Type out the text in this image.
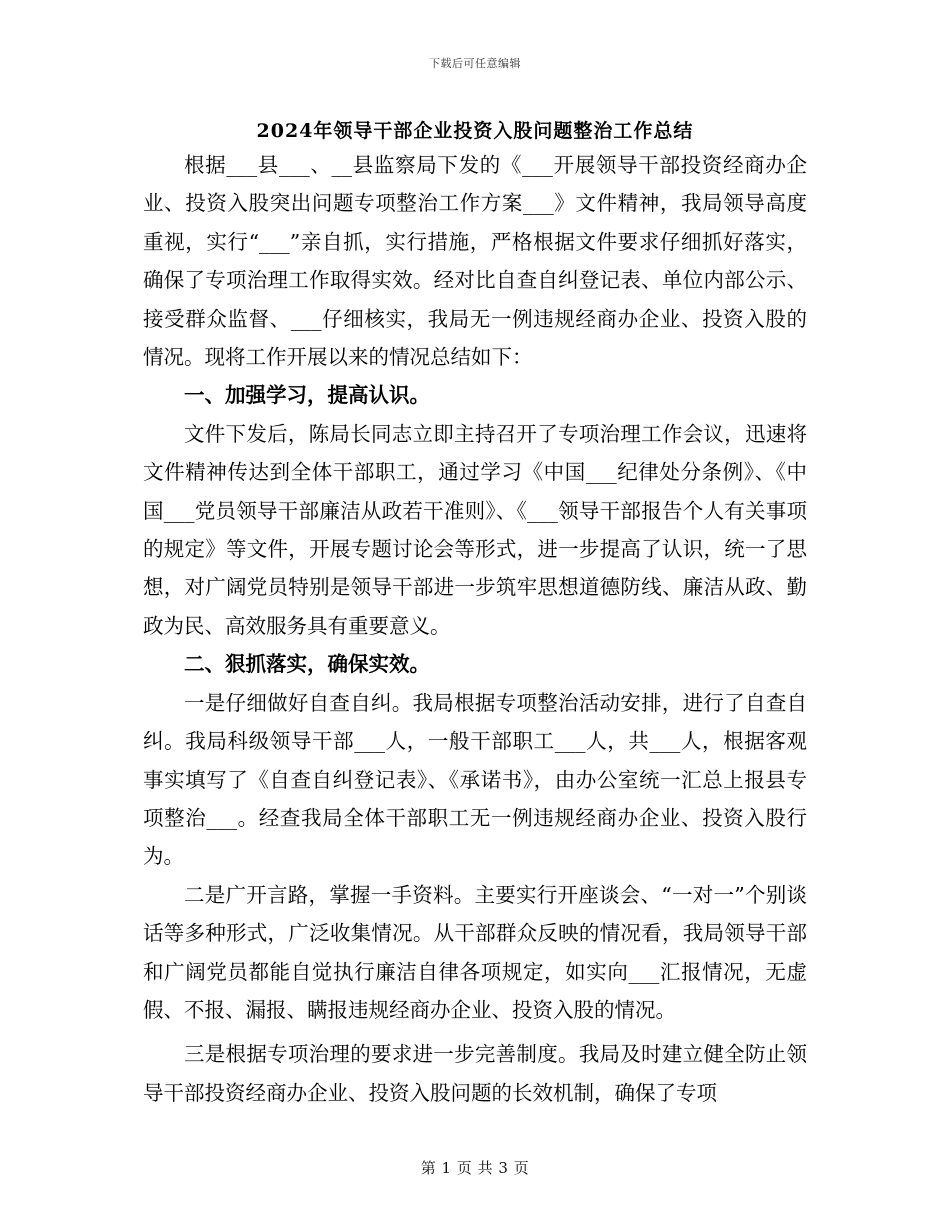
下载后可任意编辑
2024年领导干部企业投资入股问题整治工作总结

根据___县___、__县监察局下发的《___开展领导干部投资经商办企业、投资入股突出问题专项整治工作方案___》文件精神，我局领导高度重视，实行“___”亲自抓，实行措施，严格根据文件要求仔细抓好落实，确保了专项治理工作取得实效。经对比自查自纠登记表、单位内部公示、接受群众监督、___仔细核实，我局无一例违规经商办企业、投资入股的情况。现将工作开展以来的情况总结如下：

一、加强学习，提高认识。

文件下发后，陈局长同志立即主持召开了专项治理工作会议，迅速将文件精神传达到全体干部职工，通过学习《中国___纪律处分条例》、《中国___党员领导干部廉洁从政若干准则》、《___领导干部报告个人有关事项的规定》等文件，开展专题讨论会等形式，进一步提高了认识，统一了思想，对广阔党员特别是领导干部进一步筑牢思想道德防线、廉洁从政、勤政为民、高效服务具有重要意义。

二、狠抓落实，确保实效。

一是仔细做好自查自纠。我局根据专项整治活动安排，进行了自查自纠。我局科级领导干部___人，一般干部职工___人，共___人，根据客观事实填写了《自查自纠登记表》、《承诺书》，由办公室统一汇总上报县专项整治___。经查我局全体干部职工无一例违规经商办企业、投资入股行为。

二是广开言路，掌握一手资料。主要实行开座谈会、“一对一”个别谈话等多种形式，广泛收集情况。从干部群众反映的情况看，我局领导干部和广阔党员都能自觉执行廉洁自律各项规定，如实向___汇报情况，无虚假、不报、漏报、瞒报违规经商办企业、投资入股的情况。

三是根据专项治理的要求进一步完善制度。我局及时建立健全防止领导干部投资经商办企业、投资入股问题的长效机制，确保了专项

第 1 页 共 3 页
